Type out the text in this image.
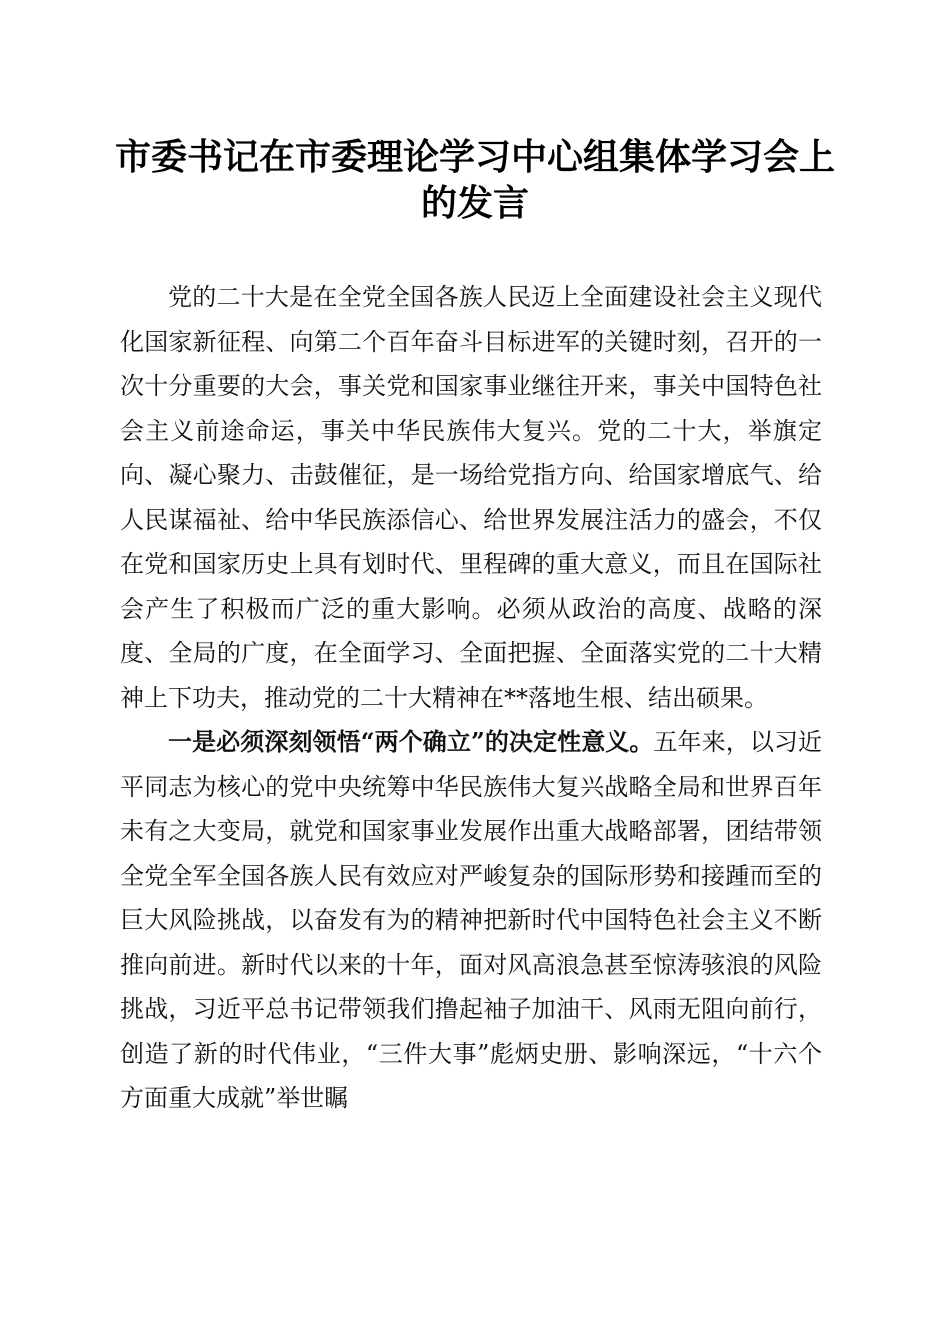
市委书记在市委理论学习中心组集体学习会上的发言

党的二十大是在全党全国各族人民迈上全面建设社会主义现代化国家新征程、向第二个百年奋斗目标进军的关键时刻，召开的一次十分重要的大会，事关党和国家事业继往开来，事关中国特色社会主义前途命运，事关中华民族伟大复兴。党的二十大，举旗定向、凝心聚力、击鼓催征，是一场给党指方向、给国家增底气、给人民谋福祉、给中华民族添信心、给世界发展注活力的盛会，不仅在党和国家历史上具有划时代、里程碑的重大意义，而且在国际社会产生了积极而广泛的重大影响。必须从政治的高度、战略的深度、全局的广度，在全面学习、全面把握、全面落实党的二十大精神上下功夫，推动党的二十大精神在**落地生根、结出硕果。

一是必须深刻领悟“两个确立”的决定性意义。五年来，以习近平同志为核心的党中央统筹中华民族伟大复兴战略全局和世界百年未有之大变局，就党和国家事业发展作出重大战略部署，团结带领全党全军全国各族人民有效应对严峻复杂的国际形势和接踵而至的巨大风险挑战，以奋发有为的精神把新时代中国特色社会主义不断推向前进。新时代以来的十年，面对风高浪急甚至惊涛骇浪的风险挑战，习近平总书记带领我们撸起袖子加油干、风雨无阻向前行，创造了新的时代伟业，“三件大事”彪炳史册、影响深远，“十六个方面重大成就”举世瞩
